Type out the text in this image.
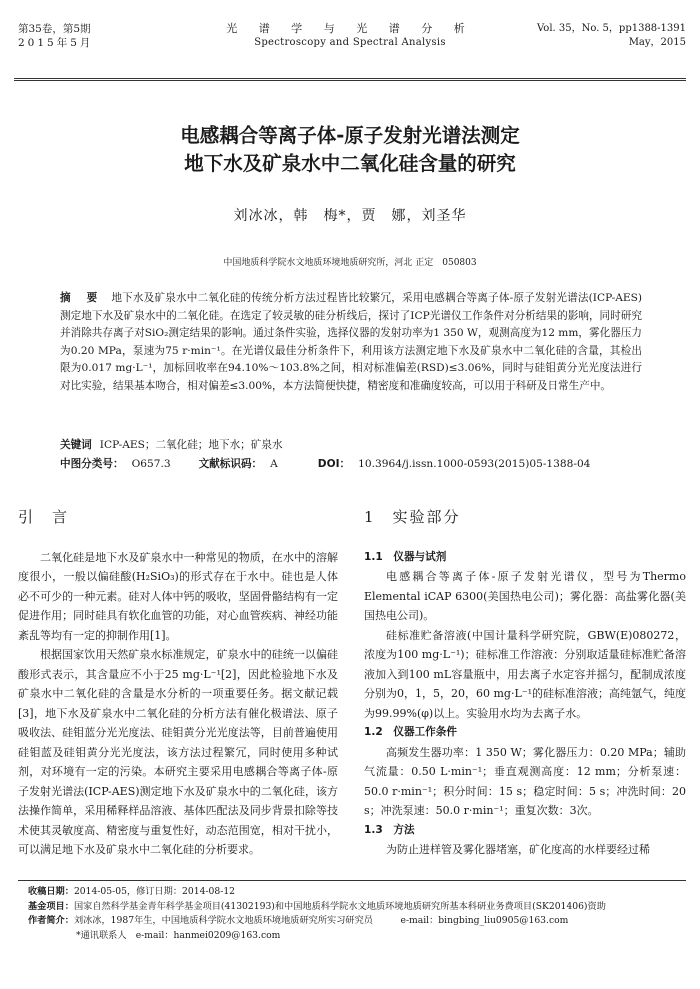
第35卷，第5期
2015年5月
光 谱 学 与 光 谱 分 析
Spectroscopy and Spectral Analysis
Vol. 35，No. 5，pp1388-1391
May，2015
电感耦合等离子体-原子发射光谱法测定
地下水及矿泉水中二氧化硅含量的研究
刘冰冰，韩　梅*，贾　娜，刘圣华
中国地质科学院水文地质环境地质研究所，河北 正定　050803
摘 要 地下水及矿泉水中二氧化硅的传统分析方法过程皆比较繁冗，采用电感耦合等离子体-原子发射光谱法(ICP-AES)测定地下水及矿泉水中的二氧化硅。在选定了较灵敏的硅分析线后，探讨了ICP光谱仪工作条件对分析结果的影响，同时研究并消除共存离子对SiO₂测定结果的影响。通过条件实验，选择仪器的发射功率为1 350 W，观测高度为12 mm，雾化器压力为0.20 MPa，泵速为75 r·min⁻¹。在光谱仪最佳分析条件下，利用该方法测定地下水及矿泉水中二氧化硅的含量，其检出限为0.017 mg·L⁻¹，加标回收率在94.10%～103.8%之间，相对标准偏差(RSD)≤3.06%，同时与硅钼黄分光光度法进行对比实验，结果基本吻合，相对偏差≤3.00%，本方法简便快捷，精密度和准确度较高，可以用于科研及日常生产中。
关键词 ICP-AES；二氧化硅；地下水；矿泉水
中图分类号： O657.3	文献标识码： A	DOI： 10.3964/j.issn.1000-0593(2015)05-1388-04
引　言

二氧化硅是地下水及矿泉水中一种常见的物质，在水中的溶解度很小，一般以偏硅酸(H₂SiO₃)的形式存在于水中。硅也是人体必不可少的一种元素。硅对人体中钙的吸收，坚固骨骼结构有一定促进作用；同时硅具有软化血管的功能，对心血管疾病、神经功能紊乱等均有一定的抑制作用[1]。

根据国家饮用天然矿泉水标准规定，矿泉水中的硅统一以偏硅酸形式表示，其含量应不小于25 mg·L⁻¹[2]，因此检验地下水及矿泉水中二氧化硅的含量是水分析的一项重要任务。据文献记载[3]，地下水及矿泉水中二氧化硅的分析方法有催化极谱法、原子吸收法、硅钼蓝分光光度法、硅钼黄分光光度法等，目前普遍使用硅钼蓝及硅钼黄分光光度法，该方法过程繁冗，同时使用多种试剂，对环境有一定的污染。本研究主要采用电感耦合等离子体-原子发射光谱法(ICP-AES)测定地下水及矿泉水中的二氧化硅，该方法操作简单，采用稀释样品溶液、基体匹配法及同步背景扣除等技术使其灵敏度高、精密度与重复性好，动态范围宽，相对干扰小，可以满足地下水及矿泉水中二氧化硅的分析要求。

1　实验部分
1.1　仪器与试剂

电感耦合等离子体-原子发射光谱仪，型号为Thermo Elemental iCAP 6300(美国热电公司)；雾化器：高盐雾化器(美国热电公司)。

硅标准贮备溶液(中国计量科学研究院，GBW(E)080272，浓度为100 mg·L⁻¹)；硅标准工作溶液：分别取适量硅标准贮备溶液加入到100 mL容量瓶中，用去离子水定容并摇匀，配制成浓度分别为0，1，5，20，60 mg·L⁻¹的硅标准溶液；高纯氩气，纯度为99.99%(φ)以上。实验用水均为去离子水。

1.2　仪器工作条件

高频发生器功率：1 350 W；雾化器压力：0.20 MPa；辅助气流量：0.50 L·min⁻¹；垂直观测高度：12 mm；分析泵速：50.0 r·min⁻¹；积分时间：15 s；稳定时间：5 s；冲洗时间：20 s；冲洗泵速：50.0 r·min⁻¹；重复次数：3次。

1.3　方法

为防止进样管及雾化器堵塞，矿化度高的水样要经过稀

收稿日期：2014-05-05，修订日期：2014-08-12
基金项目：国家自然科学基金青年科学基金项目(41302193)和中国地质科学院水文地质环境地质研究所基本科研业务费项目(SK201406)资助
作者简介：刘冰冰，1987年生，中国地质科学院水文地质环境地质研究所实习研究员　　　e-mail：bingbing_liu0905@163.com
*通讯联系人　e-mail：hanmei0209@163.com
